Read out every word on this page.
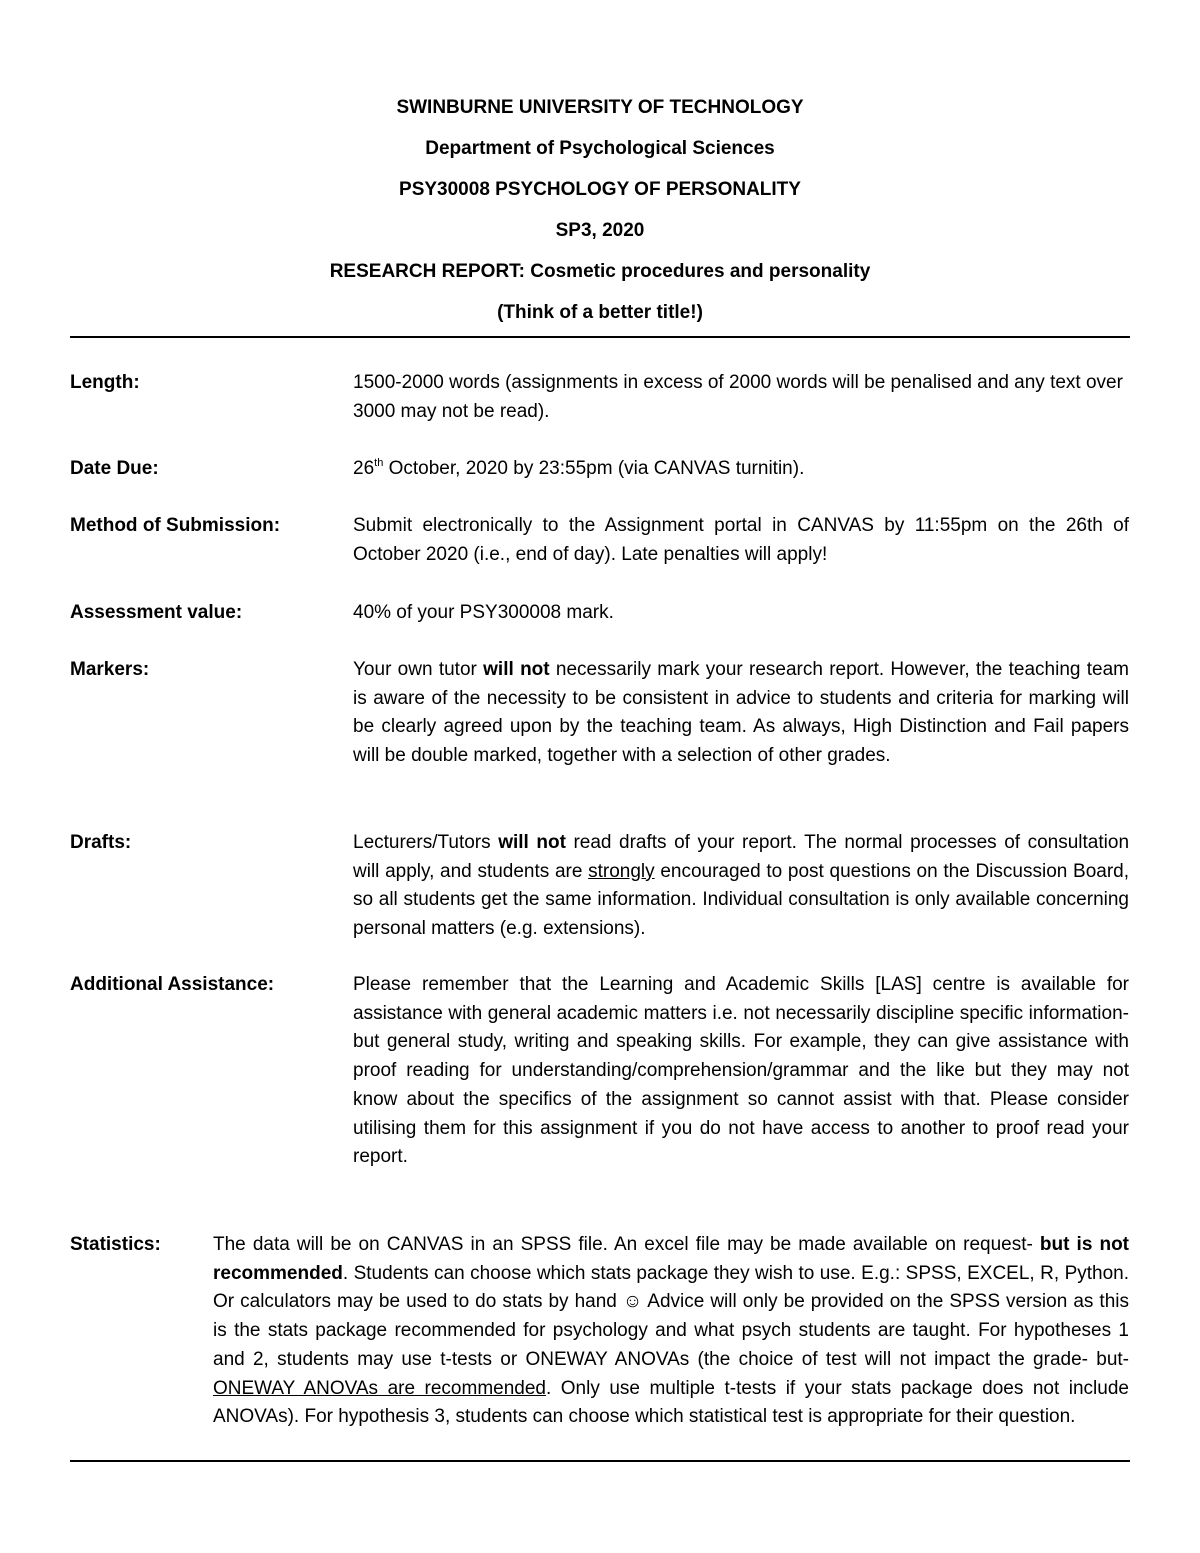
SWINBURNE UNIVERSITY OF TECHNOLOGY

Department of Psychological Sciences

PSY30008 PSYCHOLOGY OF PERSONALITY

SP3, 2020

RESEARCH REPORT: Cosmetic procedures and personality

(Think of a better title!)

Length:	1500-2000 words (assignments in excess of 2000 words will be penalised and any text over 3000 may not be read).
Date Due:	26th October, 2020 by 23:55pm (via CANVAS turnitin).
Method of Submission:	Submit electronically to the Assignment portal in CANVAS by 11:55pm on the 26th of October 2020 (i.e., end of day). Late penalties will apply!
Assessment value:	40% of your PSY300008 mark.
Markers:	Your own tutor will not necessarily mark your research report. However, the teaching team is aware of the necessity to be consistent in advice to students and criteria for marking will be clearly agreed upon by the teaching team. As always, High Distinction and Fail papers will be double marked, together with a selection of other grades.
Drafts:	Lecturers/Tutors will not read drafts of your report. The normal processes of consultation will apply, and students are strongly encouraged to post questions on the Discussion Board, so all students get the same information. Individual consultation is only available concerning personal matters (e.g. extensions).
Additional Assistance:	Please remember that the Learning and Academic Skills [LAS] centre is available for assistance with general academic matters i.e. not necessarily discipline specific information- but general study, writing and speaking skills. For example, they can give assistance with proof reading for understanding/comprehension/grammar and the like but they may not know about the specifics of the assignment so cannot assist with that. Please consider utilising them for this assignment if you do not have access to another to proof read your report.
Statistics:	The data will be on CANVAS in an SPSS file. An excel file may be made available on request- but is not recommended. Students can choose which stats package they wish to use. E.g.: SPSS, EXCEL, R, Python. Or calculators may be used to do stats by hand ☺ Advice will only be provided on the SPSS version as this is the stats package recommended for psychology and what psych students are taught. For hypotheses 1 and 2, students may use t-tests or ONEWAY ANOVAs (the choice of test will not impact the grade- but- ONEWAY ANOVAs are recommended. Only use multiple t-tests if your stats package does not include ANOVAs). For hypothesis 3, students can choose which statistical test is appropriate for their question.
